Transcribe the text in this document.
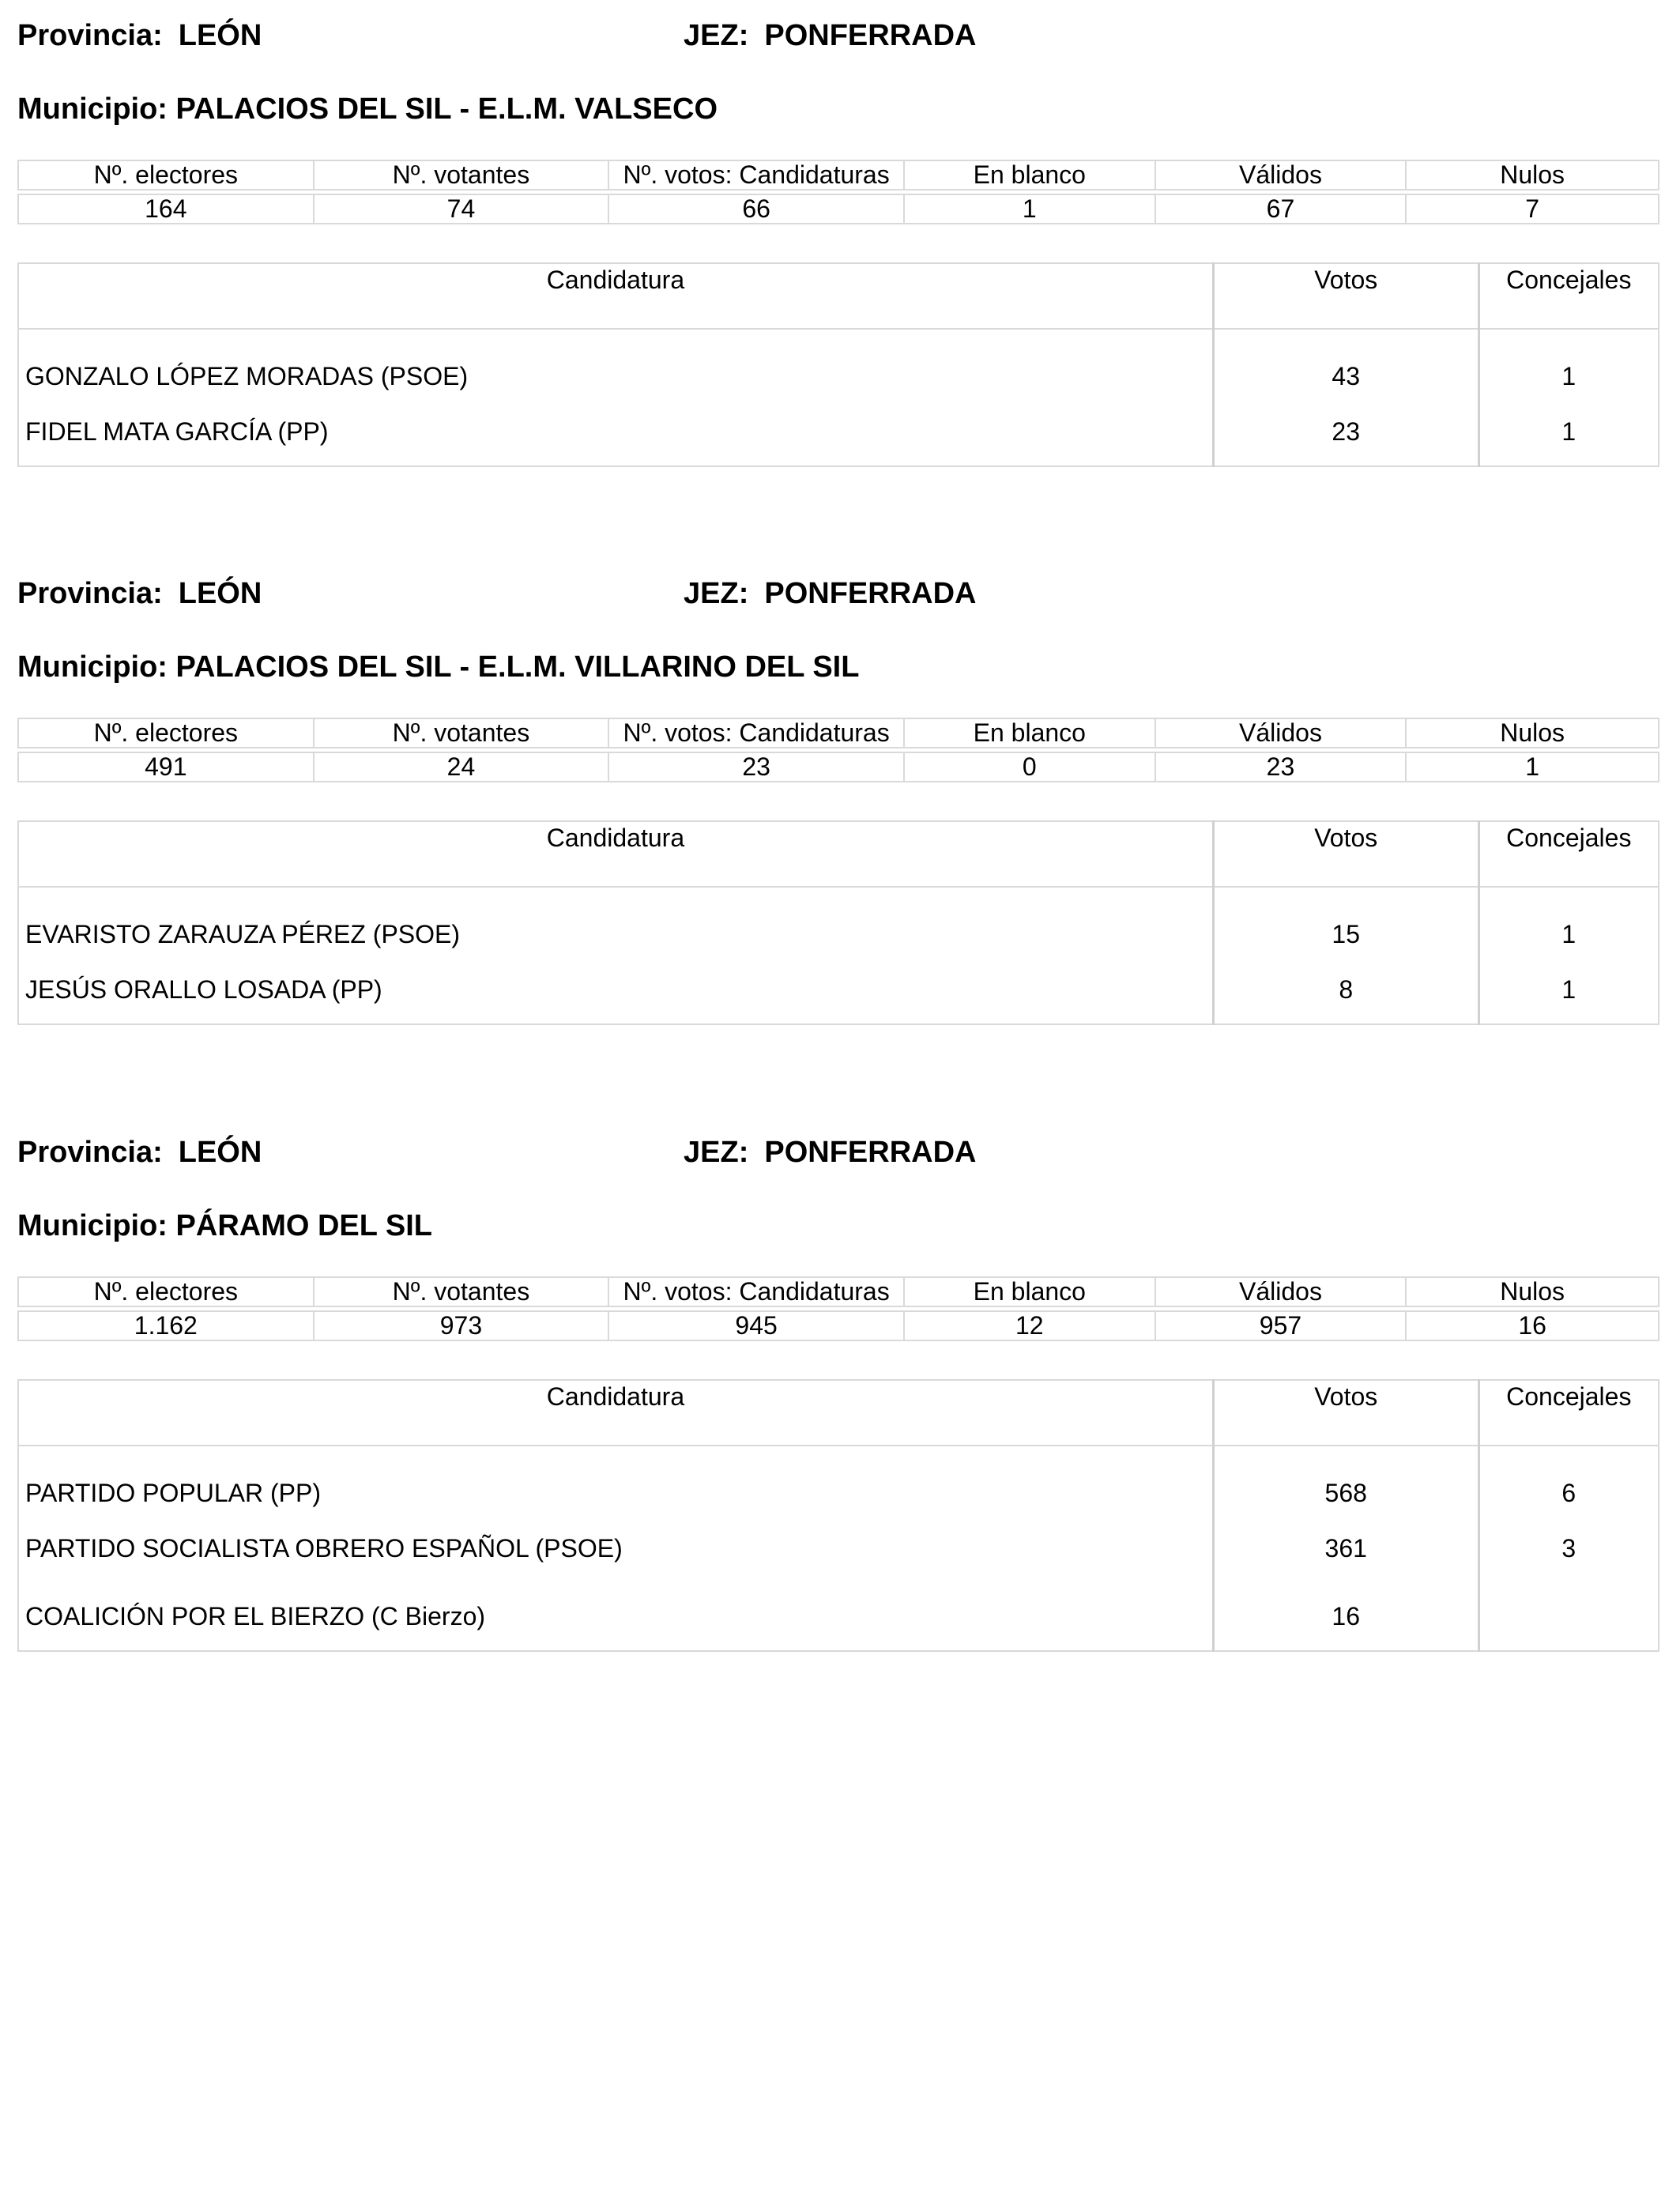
Provincia: LEÓN	JEZ: PONFERRADA
Municipio: PALACIOS DEL SIL - E.L.M. VALSECO
Nº. electores	Nº. votantes	Nº. votos: Candidaturas	En blanco	Válidos	Nulos

164	74	66	1	67	7
Candidatura	Votos	Concejales
GONZALO LÓPEZ MORADAS (PSOE)	43	1
FIDEL MATA GARCÍA (PP)	23	1
Provincia: LEÓN	JEZ: PONFERRADA
Municipio: PALACIOS DEL SIL - E.L.M. VILLARINO DEL SIL
Nº. electores	Nº. votantes	Nº. votos: Candidaturas	En blanco	Válidos	Nulos

491	24	23	0	23	1
Candidatura	Votos	Concejales
EVARISTO ZARAUZA PÉREZ (PSOE)	15	1
JESÚS ORALLO LOSADA (PP)	8	1
Provincia: LEÓN	JEZ: PONFERRADA
Municipio: PÁRAMO DEL SIL
Nº. electores	Nº. votantes	Nº. votos: Candidaturas	En blanco	Válidos	Nulos

1.162	973	945	12	957	16
Candidatura	Votos	Concejales
PARTIDO POPULAR (PP)	568	6
PARTIDO SOCIALISTA OBRERO ESPAÑOL (PSOE)	361	3
COALICIÓN POR EL BIERZO (C Bierzo)	16	
